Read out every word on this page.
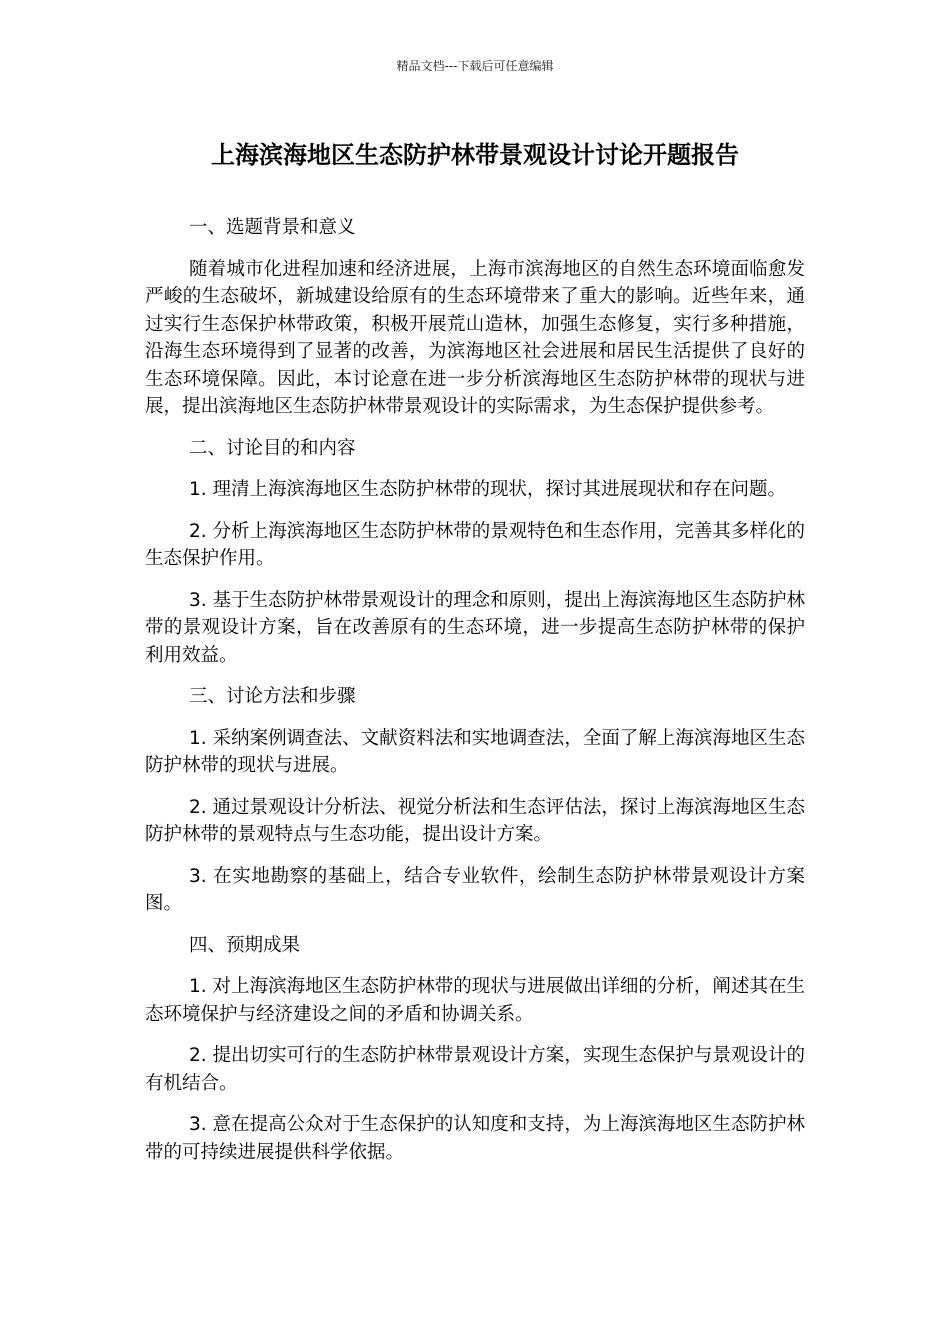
精品文档---下载后可任意编辑
上海滨海地区生态防护林带景观设计讨论开题报告
一、选题背景和意义

随着城市化进程加速和经济进展，上海市滨海地区的自然生态环境面临愈发严峻的生态破坏，新城建设给原有的生态环境带来了重大的影响。近些年来，通过实行生态保护林带政策，积极开展荒山造林，加强生态修复，实行多种措施，沿海生态环境得到了显著的改善，为滨海地区社会进展和居民生活提供了良好的生态环境保障。因此，本讨论意在进一步分析滨海地区生态防护林带的现状与进展，提出滨海地区生态防护林带景观设计的实际需求，为生态保护提供参考。

二、讨论目的和内容

1. 理清上海滨海地区生态防护林带的现状，探讨其进展现状和存在问题。

2. 分析上海滨海地区生态防护林带的景观特色和生态作用，完善其多样化的生态保护作用。

3. 基于生态防护林带景观设计的理念和原则，提出上海滨海地区生态防护林带的景观设计方案，旨在改善原有的生态环境，进一步提高生态防护林带的保护利用效益。

三、讨论方法和步骤

1. 采纳案例调查法、文献资料法和实地调查法，全面了解上海滨海地区生态防护林带的现状与进展。

2. 通过景观设计分析法、视觉分析法和生态评估法，探讨上海滨海地区生态防护林带的景观特点与生态功能，提出设计方案。

3. 在实地勘察的基础上，结合专业软件，绘制生态防护林带景观设计方案图。

四、预期成果

1. 对上海滨海地区生态防护林带的现状与进展做出详细的分析，阐述其在生态环境保护与经济建设之间的矛盾和协调关系。

2. 提出切实可行的生态防护林带景观设计方案，实现生态保护与景观设计的有机结合。

3. 意在提高公众对于生态保护的认知度和支持，为上海滨海地区生态防护林带的可持续进展提供科学依据。
